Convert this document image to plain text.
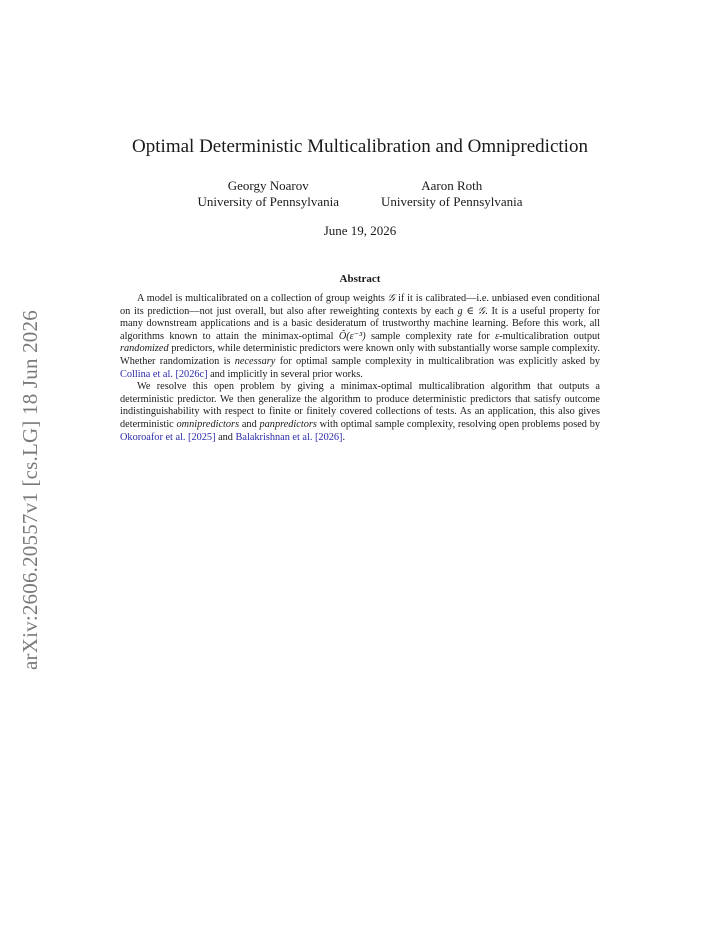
arXiv:2606.20557v1 [cs.LG] 18 Jun 2026
Optimal Deterministic Multicalibration and Omniprediction
Georgy Noarov
University of Pennsylvania
Aaron Roth
University of Pennsylvania
June 19, 2026
Abstract

A model is multicalibrated on a collection of group weights 𝒢 if it is calibrated—i.e. unbiased even conditional on its prediction—not just overall, but also after reweighting contexts by each g ∈ 𝒢. It is a useful property for many downstream applications and is a basic desideratum of trustworthy machine learning. Before this work, all algorithms known to attain the minimax-optimal Õ(ε⁻³) sample complexity rate for ε-multicalibration output randomized predictors, while deterministic predictors were known only with substantially worse sample complexity. Whether randomization is necessary for optimal sample complexity in multicalibration was explicitly asked by Collina et al. [2026c] and implicitly in several prior works.

We resolve this open problem by giving a minimax-optimal multicalibration algorithm that outputs a deterministic predictor. We then generalize the algorithm to produce deterministic predictors that satisfy outcome indistinguishability with respect to finite or finitely covered collections of tests. As an application, this also gives deterministic omnipredictors and panpredictors with optimal sample complexity, resolving open problems posed by Okoroafor et al. [2025] and Balakrishnan et al. [2026].
